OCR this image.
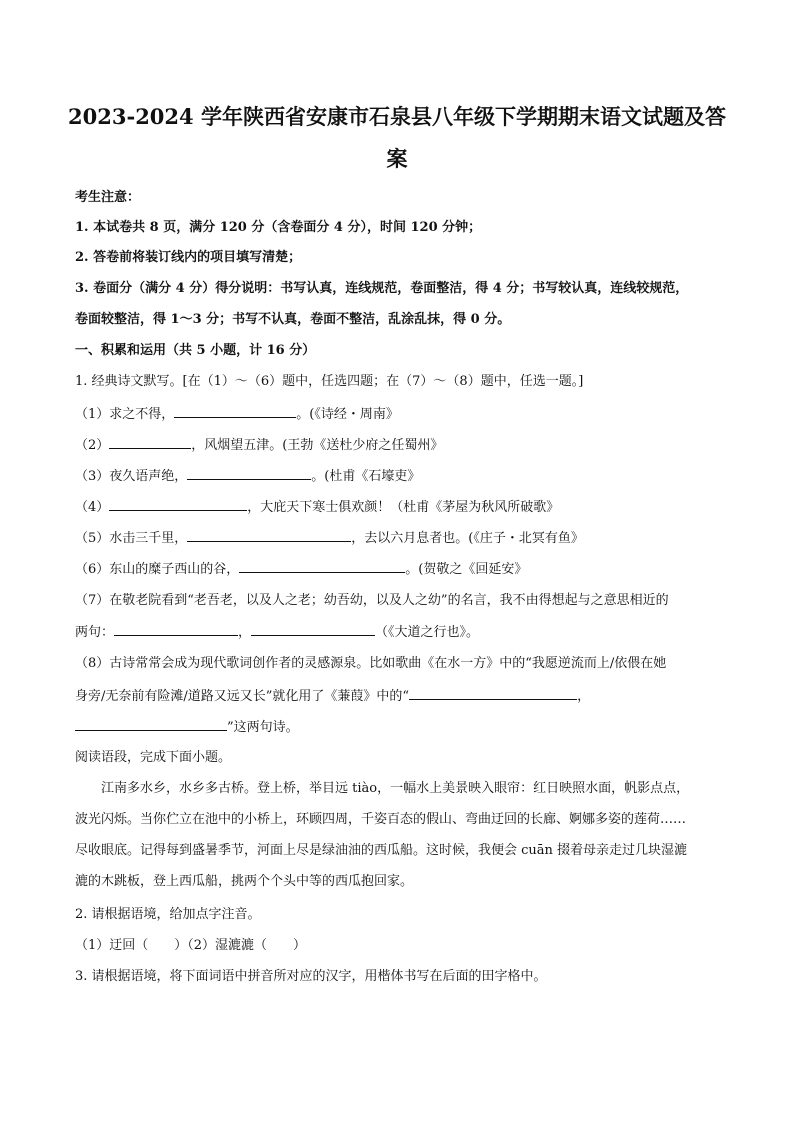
2023-2024 学年陕西省安康市石泉县八年级下学期期末语文试题及答
案
考生注意：
1. 本试卷共 8 页，满分 120 分（含卷面分 4 分），时间 120 分钟；
2. 答卷前将装订线内的项目填写清楚；
3. 卷面分（满分 4 分）得分说明：书写认真，连线规范，卷面整洁，得 4 分；书写较认真，连线较规范，
卷面较整洁，得 1～3 分；书写不认真，卷面不整洁，乱涂乱抹，得 0 分。
一、积累和运用（共 5 小题，计 16 分）
1. 经典诗文默写。[在（1）～（6）题中，任选四题；在（7）～（8）题中，任选一题。]
（1）求之不得，	。(《诗经・周南》
（2）	，风烟望五津。(王勃《送杜少府之任蜀州》
（3）夜久语声绝，	。(杜甫《石壕吏》
（4）	，大庇天下寒士俱欢颜！（杜甫《茅屋为秋风所破歌》
（5）水击三千里，	，去以六月息者也。(《庄子・北冥有鱼》
（6）东山的糜子西山的谷，	。(贺敬之《回延安》
（7）在敬老院看到“老吾老，以及人之老；幼吾幼，以及人之幼”的名言，我不由得想起与之意思相近的
两句：	，	（《大道之行也》。
（8）古诗常常会成为现代歌词创作者的灵感源泉。比如歌曲《在水一方》中的“我愿逆流而上/依偎在她
身旁/无奈前有险滩/道路又远又长”就化用了《蒹葭》中的“	，
”这两句诗。
阅读语段，完成下面小题。
江南多水乡，水乡多古桥。登上桥，举目远 tiào，一幅水上美景映入眼帘：红日映照水面，帆影点点，
波光闪烁。当你伫立在池中的小桥上，环顾四周，千姿百态的假山、弯曲迂回的长廊、婀娜多姿的莲荷……
尽收眼底。记得每到盛暑季节，河面上尽是绿油油的西瓜船。这时候，我便会 cuān 掇着母亲走过几块湿漉
漉的木跳板，登上西瓜船，挑两个个头中等的西瓜抱回家。
2. 请根据语境，给加点字注音。
（1）迂回（　　）（2）湿漉漉（　　）
3. 请根据语境，将下面词语中拼音所对应的汉字，用楷体书写在后面的田字格中。
